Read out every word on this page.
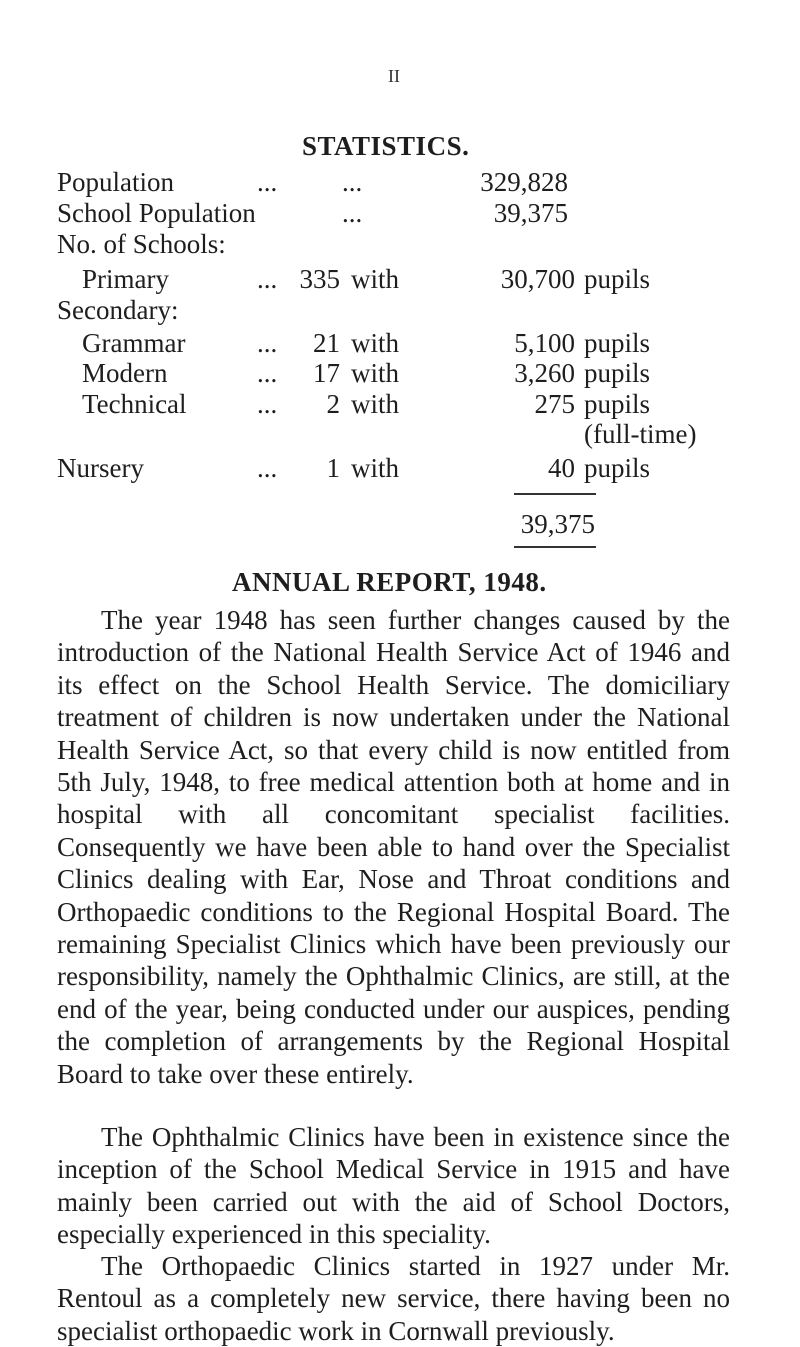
II
STATISTICS.
Population	... ...	329,828
School Population	...	39,375
No. of Schools:
Primary	... 335 with	30,700 pupils
Secondary:
Grammar	...	21 with	5,100 pupils
Modern	...	17 with	3,260 pupils
Technical	...	2 with	275 pupils
(full-time)
Nursery	...	1 with	40 pupils
39,375
ANNUAL REPORT, 1948.

The year 1948 has seen further changes caused by the introduction of the National Health Service Act of 1946 and its effect on the School Health Service. The domiciliary treatment of children is now undertaken under the National Health Service Act, so that every child is now entitled from 5th July, 1948, to free medical attention both at home and in hospital with all concomitant specialist facilities. Consequently we have been able to hand over the Specialist Clinics dealing with Ear, Nose and Throat conditions and Orthopaedic conditions to the Regional Hospital Board. The remaining Specialist Clinics which have been previously our responsibility, namely the Ophthalmic Clinics, are still, at the end of the year, being conducted under our auspices, pending the completion of arrangements by the Regional Hospital Board to take over these entirely.

The Ophthalmic Clinics have been in existence since the inception of the School Medical Service in 1915 and have mainly been carried out with the aid of School Doctors, especially experienced in this speciality.

The Orthopaedic Clinics started in 1927 under Mr. Rentoul as a completely new service, there having been no specialist orthopaedic work in Cornwall previously.
